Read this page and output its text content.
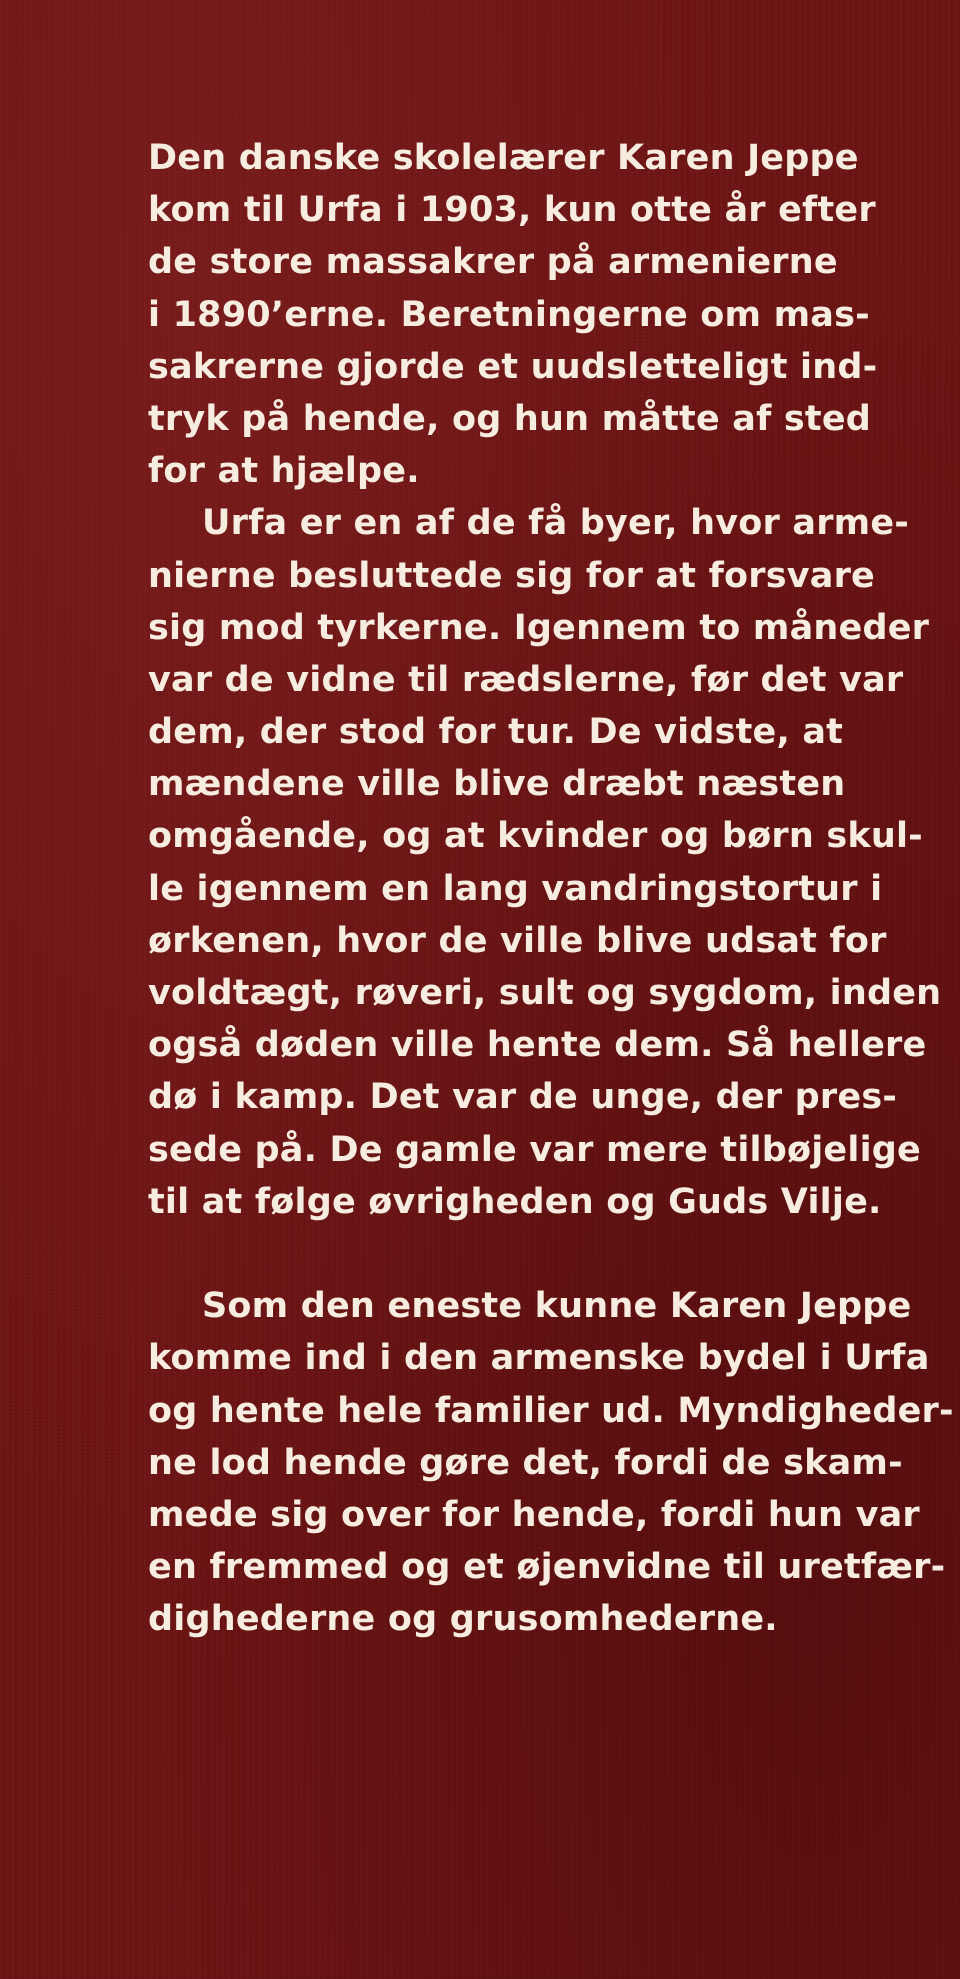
Den danske skolelærer Karen Jeppe
kom til Urfa i 1903, kun otte år efter
de store massakrer på armenierne
i 1890’erne. Beretningerne om mas-
sakrerne gjorde et uudsletteligt ind-
tryk på hende, og hun måtte af sted
for at hjælpe.
Urfa er en af de få byer, hvor arme-
nierne besluttede sig for at forsvare
sig mod tyrkerne. Igennem to måneder
var de vidne til rædslerne, før det var
dem, der stod for tur. De vidste, at
mændene ville blive dræbt næsten
omgående, og at kvinder og børn skul-
le igennem en lang vandringstortur i
ørkenen, hvor de ville blive udsat for
voldtægt, røveri, sult og sygdom, inden
også døden ville hente dem. Så hellere
dø i kamp. Det var de unge, der pres-
sede på. De gamle var mere tilbøjelige
til at følge øvrigheden og Guds Vilje.
Som den eneste kunne Karen Jeppe
komme ind i den armenske bydel i Urfa
og hente hele familier ud. Myndigheder-
ne lod hende gøre det, fordi de skam-
mede sig over for hende, fordi hun var
en fremmed og et øjenvidne til uretfær-
dighederne og grusomhederne.
